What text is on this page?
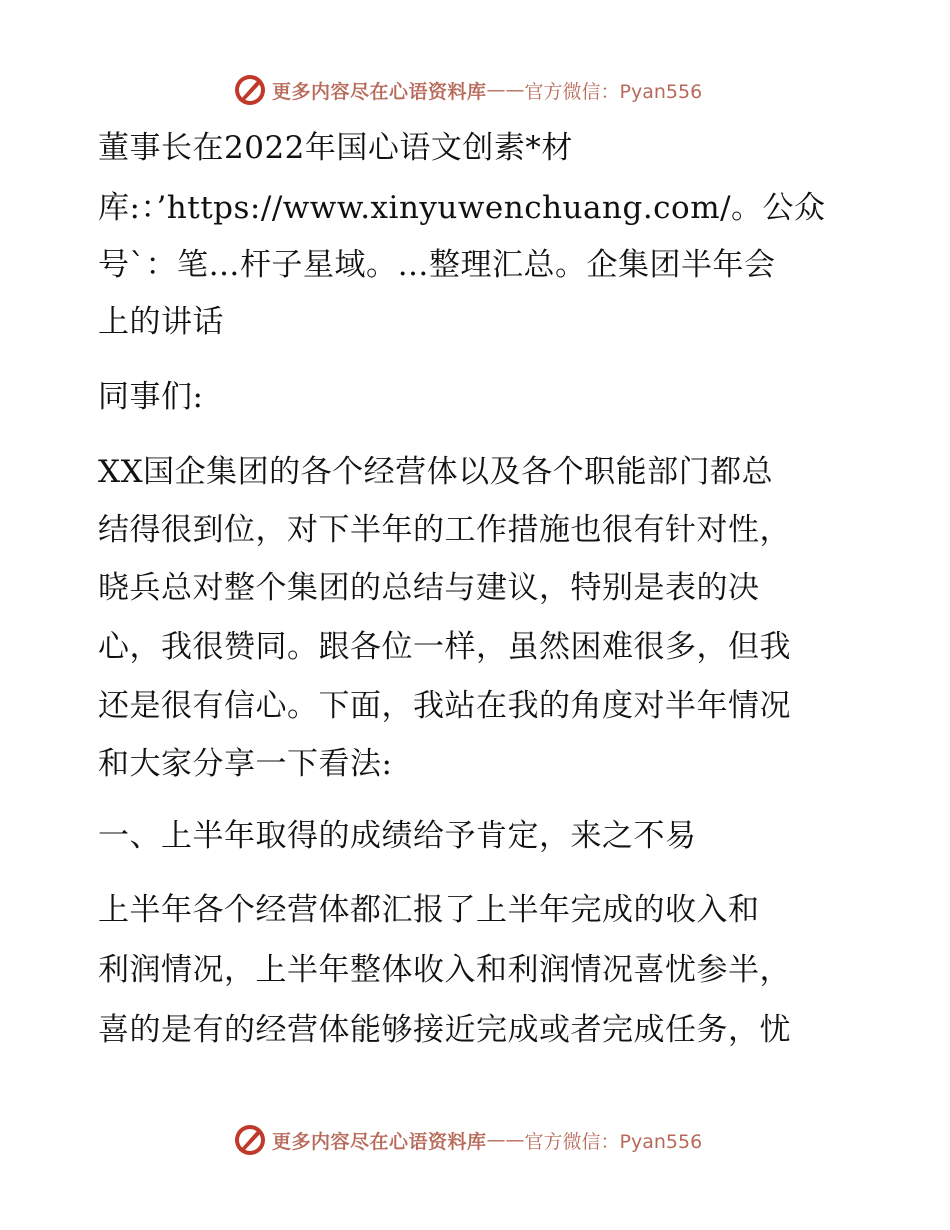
更多内容尽在心语资料库 —— 官方微信：Pyan556

董事长在2022年国心语文创素*材

库:：’https://www.xinyuwenchuang.com/。公众

号`：笔…杆子星域。…整理汇总。企集团半年会

上的讲话

同事们:

XX国企集团的各个经营体以及各个职能部门都总

结得很到位，对下半年的工作措施也很有针对性，

晓兵总对整个集团的总结与建议，特别是表的决

心，我很赞同。跟各位一样，虽然困难很多，但我

还是很有信心。下面，我站在我的角度对半年情况

和大家分享一下看法:

一、上半年取得的成绩给予肯定，来之不易

上半年各个经营体都汇报了上半年完成的收入和

利润情况，上半年整体收入和利润情况喜忧参半，

喜的是有的经营体能够接近完成或者完成任务，忧

更多内容尽在心语资料库 —— 官方微信：Pyan556
